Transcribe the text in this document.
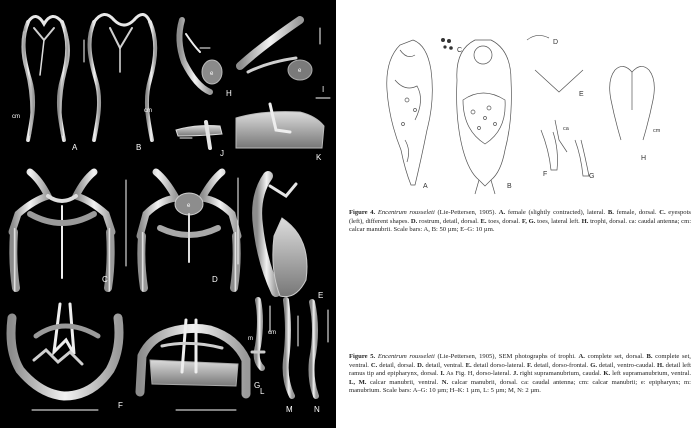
A	B
C	D
E
F
G
H	I
J	K
L
M	N
cm
cm
cm
m
e	e
e
A	B
C
D
E
F	G
H
ca	cm
Figure 4. Encentrum rousseleti (Lie-Pettersen, 1905). A. female (slightly contracted), lateral. B. female, dorsal. C. eyespots (left), different shapes. D. rostrum, detail, dorsal. E. toes, dorsal. F, G. toes, lateral left. H. trophi, dorsal. ca: caudal antenna; cm: calcar manubrii. Scale bars: A, B: 50 µm; E–G: 10 µm.
Figure 5. Encentrum rousseleti (Lie-Pettersen, 1905), SEM photographs of trophi. A. complete set, dorsal. B. complete set, ventral. C. detail, dorsal. D. detail, ventral. E. detail dorso-lateral. F. detail, dorso-frontal. G. detail, ventro-caudal. H. detail left ramus tip and epipharynx, dorsal. I. As Fig. H, dorso-lateral. J. right supramanubrium, caudal. K. left supramanubrium, ventral. L, M. calcar manubrii, ventral. N. calcar manubrii, dorsal. ca: caudal antenna; cm: calcar manubrii; e: epipharynx; m: manubrium. Scale bars: A–G: 10 µm; H–K: 1 µm, L: 5 µm; M, N: 2 µm.
